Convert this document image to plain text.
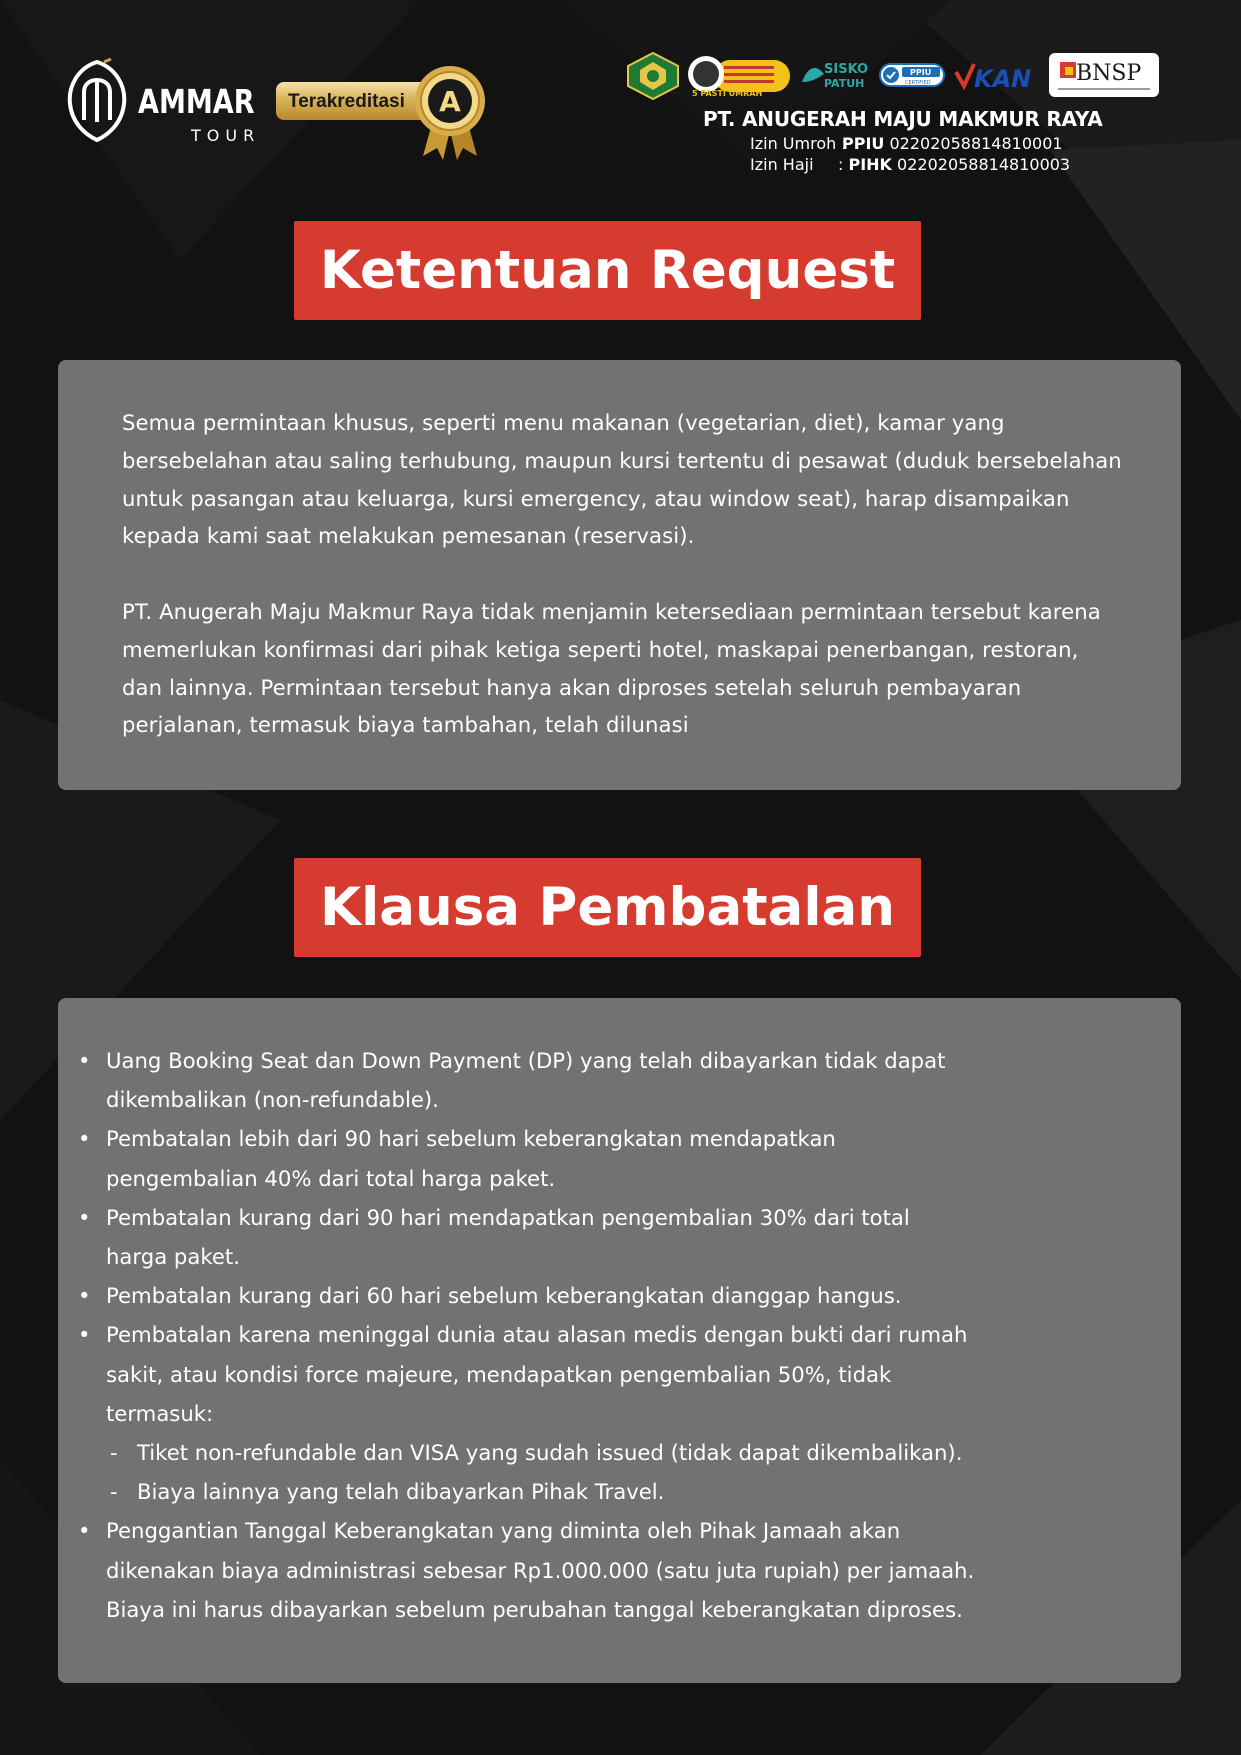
AMMAR
TOUR
Terakreditasi A	5 PASTI UMRAH
SISKO
PATUH
PPIU
CERTIFIED KAN BNSP
PT. ANUGERAH MAJU MAKMUR RAYA
Izin Umroh :PPIU 02202058814810001
Izin Haji : PIHK 02202058814810003
Ketentuan Request

Semua permintaan khusus, seperti menu makanan (vegetarian, diet), kamar yang bersebelahan atau saling terhubung, maupun kursi tertentu di pesawat (duduk bersebelahan untuk pasangan atau keluarga, kursi emergency, atau window seat), harap disampaikan kepada kami saat melakukan pemesanan (reservasi).

PT. Anugerah Maju Makmur Raya tidak menjamin ketersediaan permintaan tersebut karena memerlukan konfirmasi dari pihak ketiga seperti hotel, maskapai penerbangan, restoran, dan lainnya. Permintaan tersebut hanya akan diproses setelah seluruh pembayaran perjalanan, termasuk biaya tambahan, telah dilunasi

Klausa Pembatalan
• Uang Booking Seat dan Down Payment (DP) yang telah dibayarkan tidak dapat
dikembalikan (non-refundable).
• Pembatalan lebih dari 90 hari sebelum keberangkatan mendapatkan
pengembalian 40% dari total harga paket.
• Pembatalan kurang dari 90 hari mendapatkan pengembalian 30% dari total
harga paket.
• Pembatalan kurang dari 60 hari sebelum keberangkatan dianggap hangus.
• Pembatalan karena meninggal dunia atau alasan medis dengan bukti dari rumah
sakit, atau kondisi force majeure, mendapatkan pengembalian 50%, tidak
termasuk:
- Tiket non-refundable dan VISA yang sudah issued (tidak dapat dikembalikan).
- Biaya lainnya yang telah dibayarkan Pihak Travel.
• Penggantian Tanggal Keberangkatan yang diminta oleh Pihak Jamaah akan
dikenakan biaya administrasi sebesar Rp1.000.000 (satu juta rupiah) per jamaah.
Biaya ini harus dibayarkan sebelum perubahan tanggal keberangkatan diproses.
